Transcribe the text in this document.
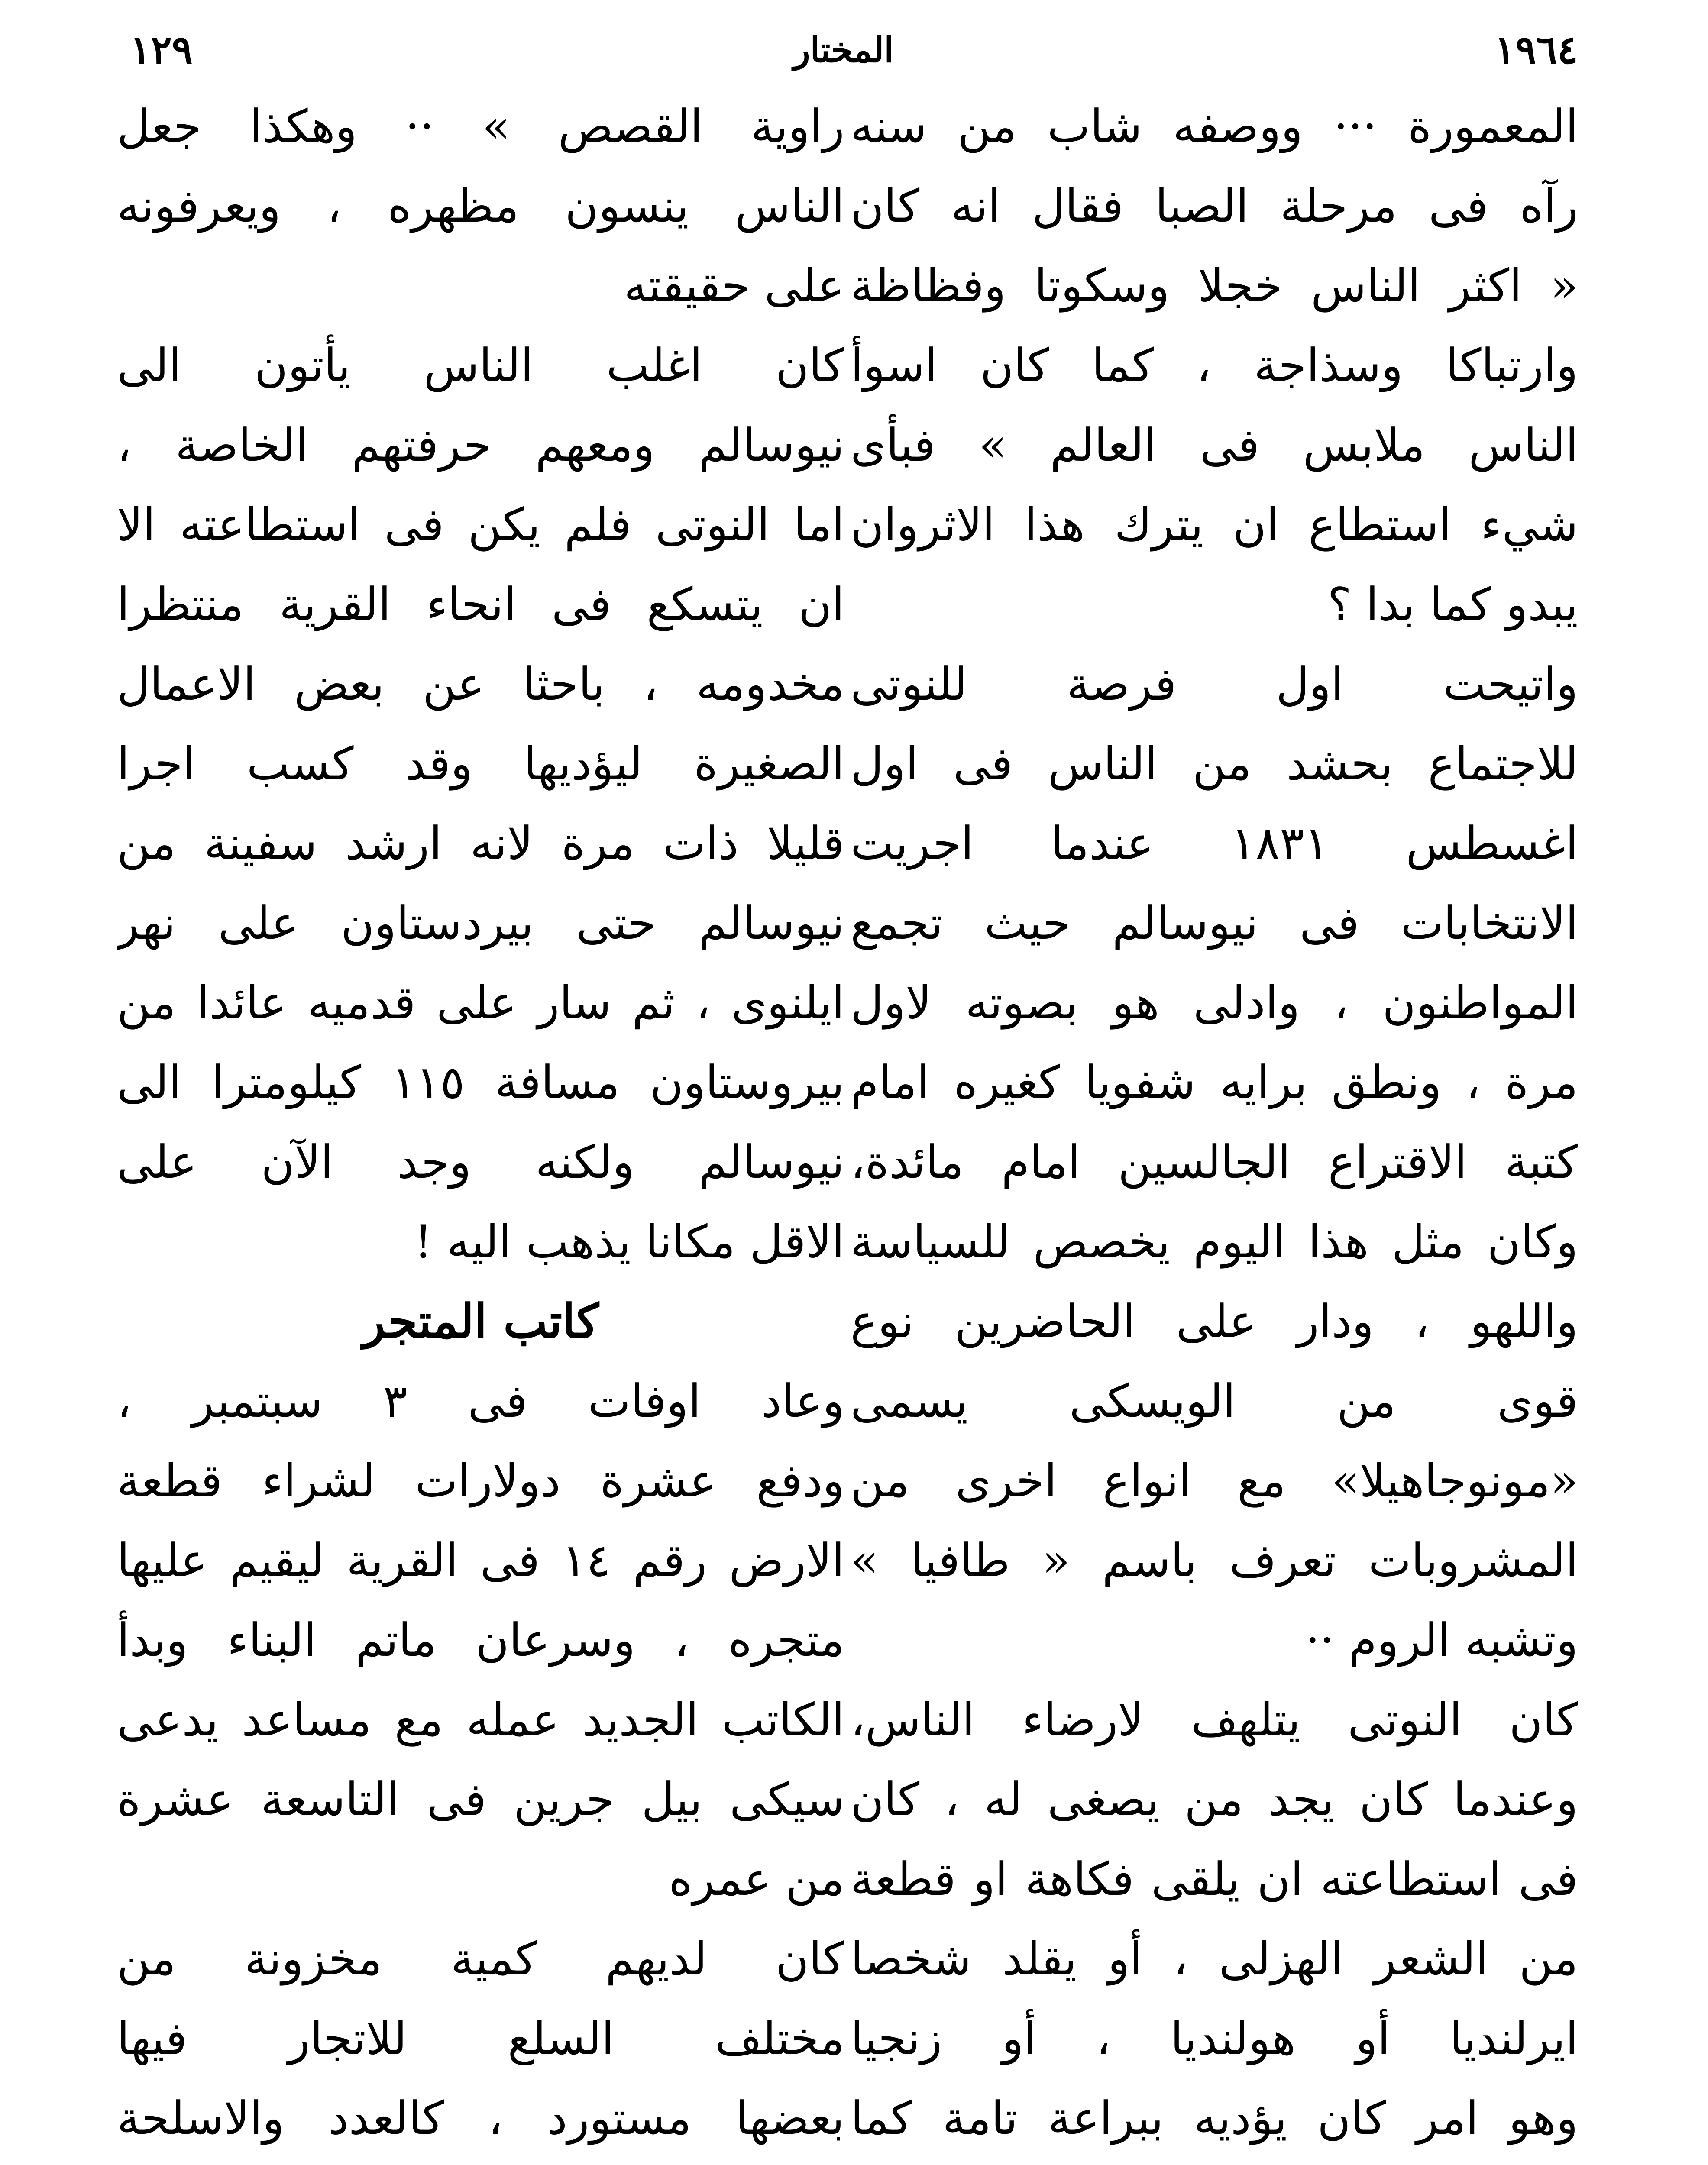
١٩٦٤
المختار
١٢٩
المعمورة ··· ووصفه شاب من سنه
رآه فى مرحلة الصبا فقال انه كان
« اكثر الناس خجلا وسكوتا وفظاظة
وارتباكا وسذاجة ، كما كان اسوأ
الناس ملابس فى العالم » فبأى
شيء استطاع ان يترك هذا الاثروان
يبدو كما بدا ؟
واتيحت اول فرصة للنوتى
للاجتماع بحشد من الناس فى اول
اغسطس ١٨٣١ عندما اجريت
الانتخابات فى نيوسالم حيث تجمع
المواطنون ، وادلى هو بصوته لاول
مرة ، ونطق برايه شفويا كغيره امام
كتبة الاقتراع الجالسين امام مائدة،
وكان مثل هذا اليوم يخصص للسياسة
واللهو ، ودار على الحاضرين نوع
قوى من الويسكى يسمى
«مونوجاهيلا» مع انواع اخرى من
المشروبات تعرف باسم « طافيا »
وتشبه الروم ··
كان النوتى يتلهف لارضاء الناس،
وعندما كان يجد من يصغى له ، كان
فى استطاعته ان يلقى فكاهة او قطعة
من الشعر الهزلى ، أو يقلد شخصا
ايرلنديا أو هولنديا ، أو زنجيا
وهو امر كان يؤديه ببراعة تامة كما
راوية القصص » ·· وهكذا جعل
الناس ينسون مظهره ، ويعرفونه
على حقيقته
كان اغلب الناس يأتون الى
نيوسالم ومعهم حرفتهم الخاصة ،
اما النوتى فلم يكن فى استطاعته الا
ان يتسكع فى انحاء القرية منتظرا
مخدومه ، باحثا عن بعض الاعمال
الصغيرة ليؤديها وقد كسب اجرا
قليلا ذات مرة لانه ارشد سفينة من
نيوسالم حتى بيردستاون على نهر
ايلنوى ، ثم سار على قدميه عائدا من
بيروستاون مسافة ١١٥ كيلومترا الى
نيوسالم ولكنه وجد الآن على
الاقل مكانا يذهب اليه !
كاتب المتجر
وعاد اوفات فى ٣ سبتمبر ،
ودفع عشرة دولارات لشراء قطعة
الارض رقم ١٤ فى القرية ليقيم عليها
متجره ، وسرعان ماتم البناء وبدأ
الكاتب الجديد عمله مع مساعد يدعى
سيكى بيل جرين فى التاسعة عشرة
من عمره
كان لديهم كمية مخزونة من
مختلف السلع للاتجار فيها
بعضها مستورد ، كالعدد والاسلحة
